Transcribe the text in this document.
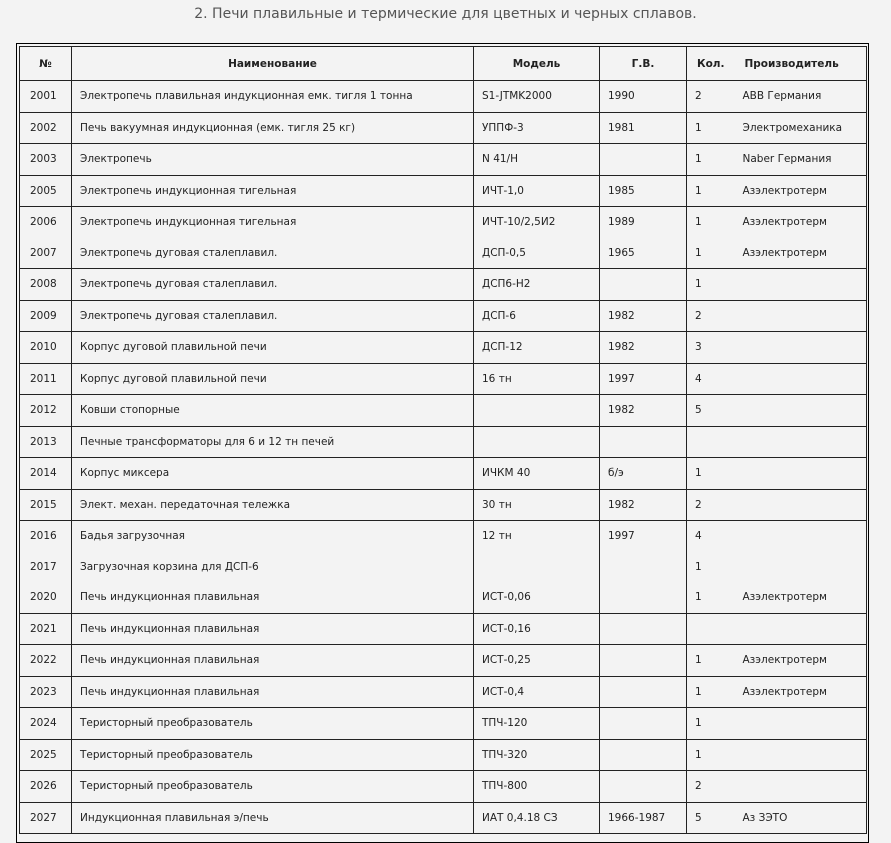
2. Печи плавильные и термические для цветных и черных сплавов.
№	Наименование	Модель	Г.В.	Кол.	Производитель
2001	Электропечь плавильная индукционная емк. тигля 1 тонна	S1-JTMK2000	1990	2	ABB Германия
2002	Печь вакуумная индукционная (емк. тигля 25 кг)	УППФ-3	1981	1	Электромеханика
2003	Электропечь	N 41/H		1	Naber Германия
2005	Электропечь индукционная тигельная	ИЧТ-1,0	1985	1	Азэлектротерм
2006	Электропечь индукционная тигельная	ИЧТ-10/2,5И2	1989	1	Азэлектротерм
2007	Электропечь дуговая сталеплавил.	ДСП-0,5	1965	1	Азэлектротерм
2008	Электропечь дуговая сталеплавил.	ДСП6-Н2		1	
2009	Электропечь дуговая сталеплавил.	ДСП-6	1982	2	
2010	Корпус дуговой плавильной печи	ДСП-12	1982	3	
2011	Корпус дуговой плавильной печи	16 тн	1997	4	
2012	Ковши стопорные		1982	5	
2013	Печные трансформаторы для 6 и 12 тн печей				
2014	Корпус миксера	ИЧКМ 40	б/э	1	
2015	Элект. механ. передаточная тележка	30 тн	1982	2	
2016	Бадья загрузочная	12 тн	1997	4	
2017	Загрузочная корзина для ДСП-6			1	
2020	Печь индукционная плавильная	ИСТ-0,06		1	Азэлектротерм
2021	Печь индукционная плавильная	ИСТ-0,16			
2022	Печь индукционная плавильная	ИСТ-0,25		1	Азэлектротерм
2023	Печь индукционная плавильная	ИСТ-0,4		1	Азэлектротерм
2024	Теристорный преобразователь	ТПЧ-120		1	
2025	Теристорный преобразователь	ТПЧ-320		1	
2026	Теристорный преобразователь	ТПЧ-800		2	
2027	Индукционная плавильная э/печь	ИАТ 0,4.18 СЗ	1966-1987	5	Аз ЗЭТО
